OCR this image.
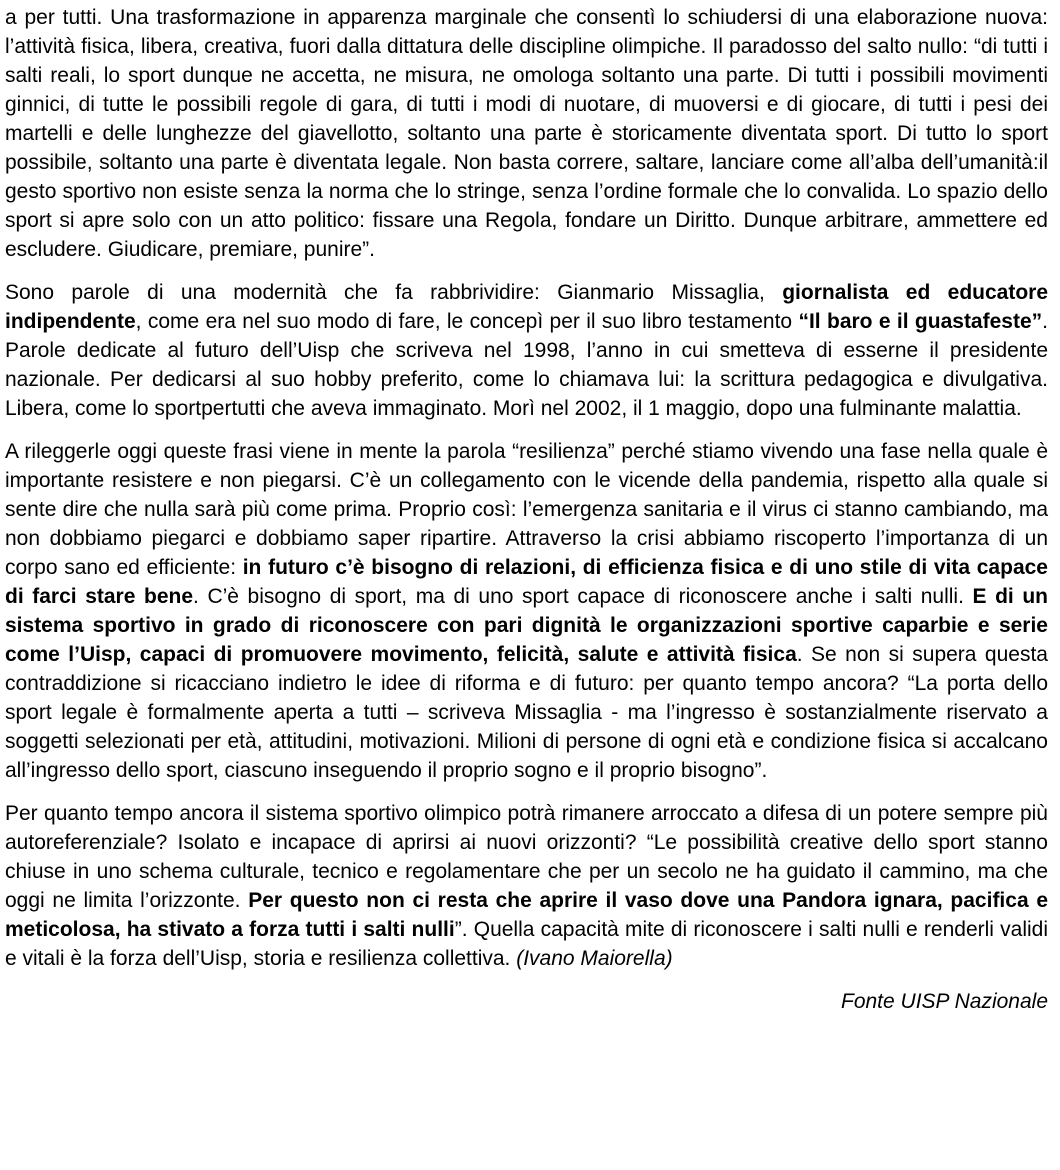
a per tutti. Una trasformazione in apparenza marginale che consentì lo schiudersi di una elaborazione nuova: l’attività fisica, libera, creativa, fuori dalla dittatura delle discipline olimpiche. Il paradosso del salto nullo: “di tutti i salti reali, lo sport dunque ne accetta, ne misura, ne omologa soltanto una parte. Di tutti i possibili movimenti ginnici, di tutte le possibili regole di gara, di tutti i modi di nuotare, di muoversi e di giocare, di tutti i pesi dei martelli e delle lunghezze del giavellotto, soltanto una parte è storicamente diventata sport. Di tutto lo sport possibile, soltanto una parte è diventata legale. Non basta correre, saltare, lanciare come all’alba dell’umanità:il gesto sportivo non esiste senza la norma che lo stringe, senza l’ordine formale che lo convalida. Lo spazio dello sport si apre solo con un atto politico: fissare una Regola, fondare un Diritto. Dunque arbitrare, ammettere ed escludere. Giudicare, premiare, punire”.

Sono parole di una modernità che fa rabbrividire: Gianmario Missaglia, giornalista ed educatore indipendente, come era nel suo modo di fare, le concepì per il suo libro testamento “Il baro e il guastafeste”. Parole dedicate al futuro dell’Uisp che scriveva nel 1998, l’anno in cui smetteva di esserne il presidente nazionale. Per dedicarsi al suo hobby preferito, come lo chiamava lui: la scrittura pedagogica e divulgativa. Libera, come lo sportpertutti che aveva immaginato. Morì nel 2002, il 1 maggio, dopo una fulminante malattia.

A rileggerle oggi queste frasi viene in mente la parola “resilienza” perché stiamo vivendo una fase nella quale è importante resistere e non piegarsi. C’è un collegamento con le vicende della pandemia, rispetto alla quale si sente dire che nulla sarà più come prima. Proprio così: l’emergenza sanitaria e il virus ci stanno cambiando, ma non dobbiamo piegarci e dobbiamo saper ripartire. Attraverso la crisi abbiamo riscoperto l’importanza di un corpo sano ed efficiente: in futuro c’è bisogno di relazioni, di efficienza fisica e di uno stile di vita capace di farci stare bene. C’è bisogno di sport, ma di uno sport capace di riconoscere anche i salti nulli. E di un sistema sportivo in grado di riconoscere con pari dignità le organizzazioni sportive caparbie e serie come l’Uisp, capaci di promuovere movimento, felicità, salute e attività fisica. Se non si supera questa contraddizione si ricacciano indietro le idee di riforma e di futuro: per quanto tempo ancora? “La porta dello sport legale è formalmente aperta a tutti – scriveva Missaglia - ma l’ingresso è sostanzialmente riservato a soggetti selezionati per età, attitudini, motivazioni. Milioni di persone di ogni età e condizione fisica si accalcano all’ingresso dello sport, ciascuno inseguendo il proprio sogno e il proprio bisogno”.

Per quanto tempo ancora il sistema sportivo olimpico potrà rimanere arroccato a difesa di un potere sempre più autoreferenziale? Isolato e incapace di aprirsi ai nuovi orizzonti? “Le possibilità creative dello sport stanno chiuse in uno schema culturale, tecnico e regolamentare che per un secolo ne ha guidato il cammino, ma che oggi ne limita l’orizzonte. Per questo non ci resta che aprire il vaso dove una Pandora ignara, pacifica e meticolosa, ha stivato a forza tutti i salti nulli”. Quella capacità mite di riconoscere i salti nulli e renderli validi e vitali è la forza dell’Uisp, storia e resilienza collettiva. (Ivano Maiorella)

Fonte UISP Nazionale
